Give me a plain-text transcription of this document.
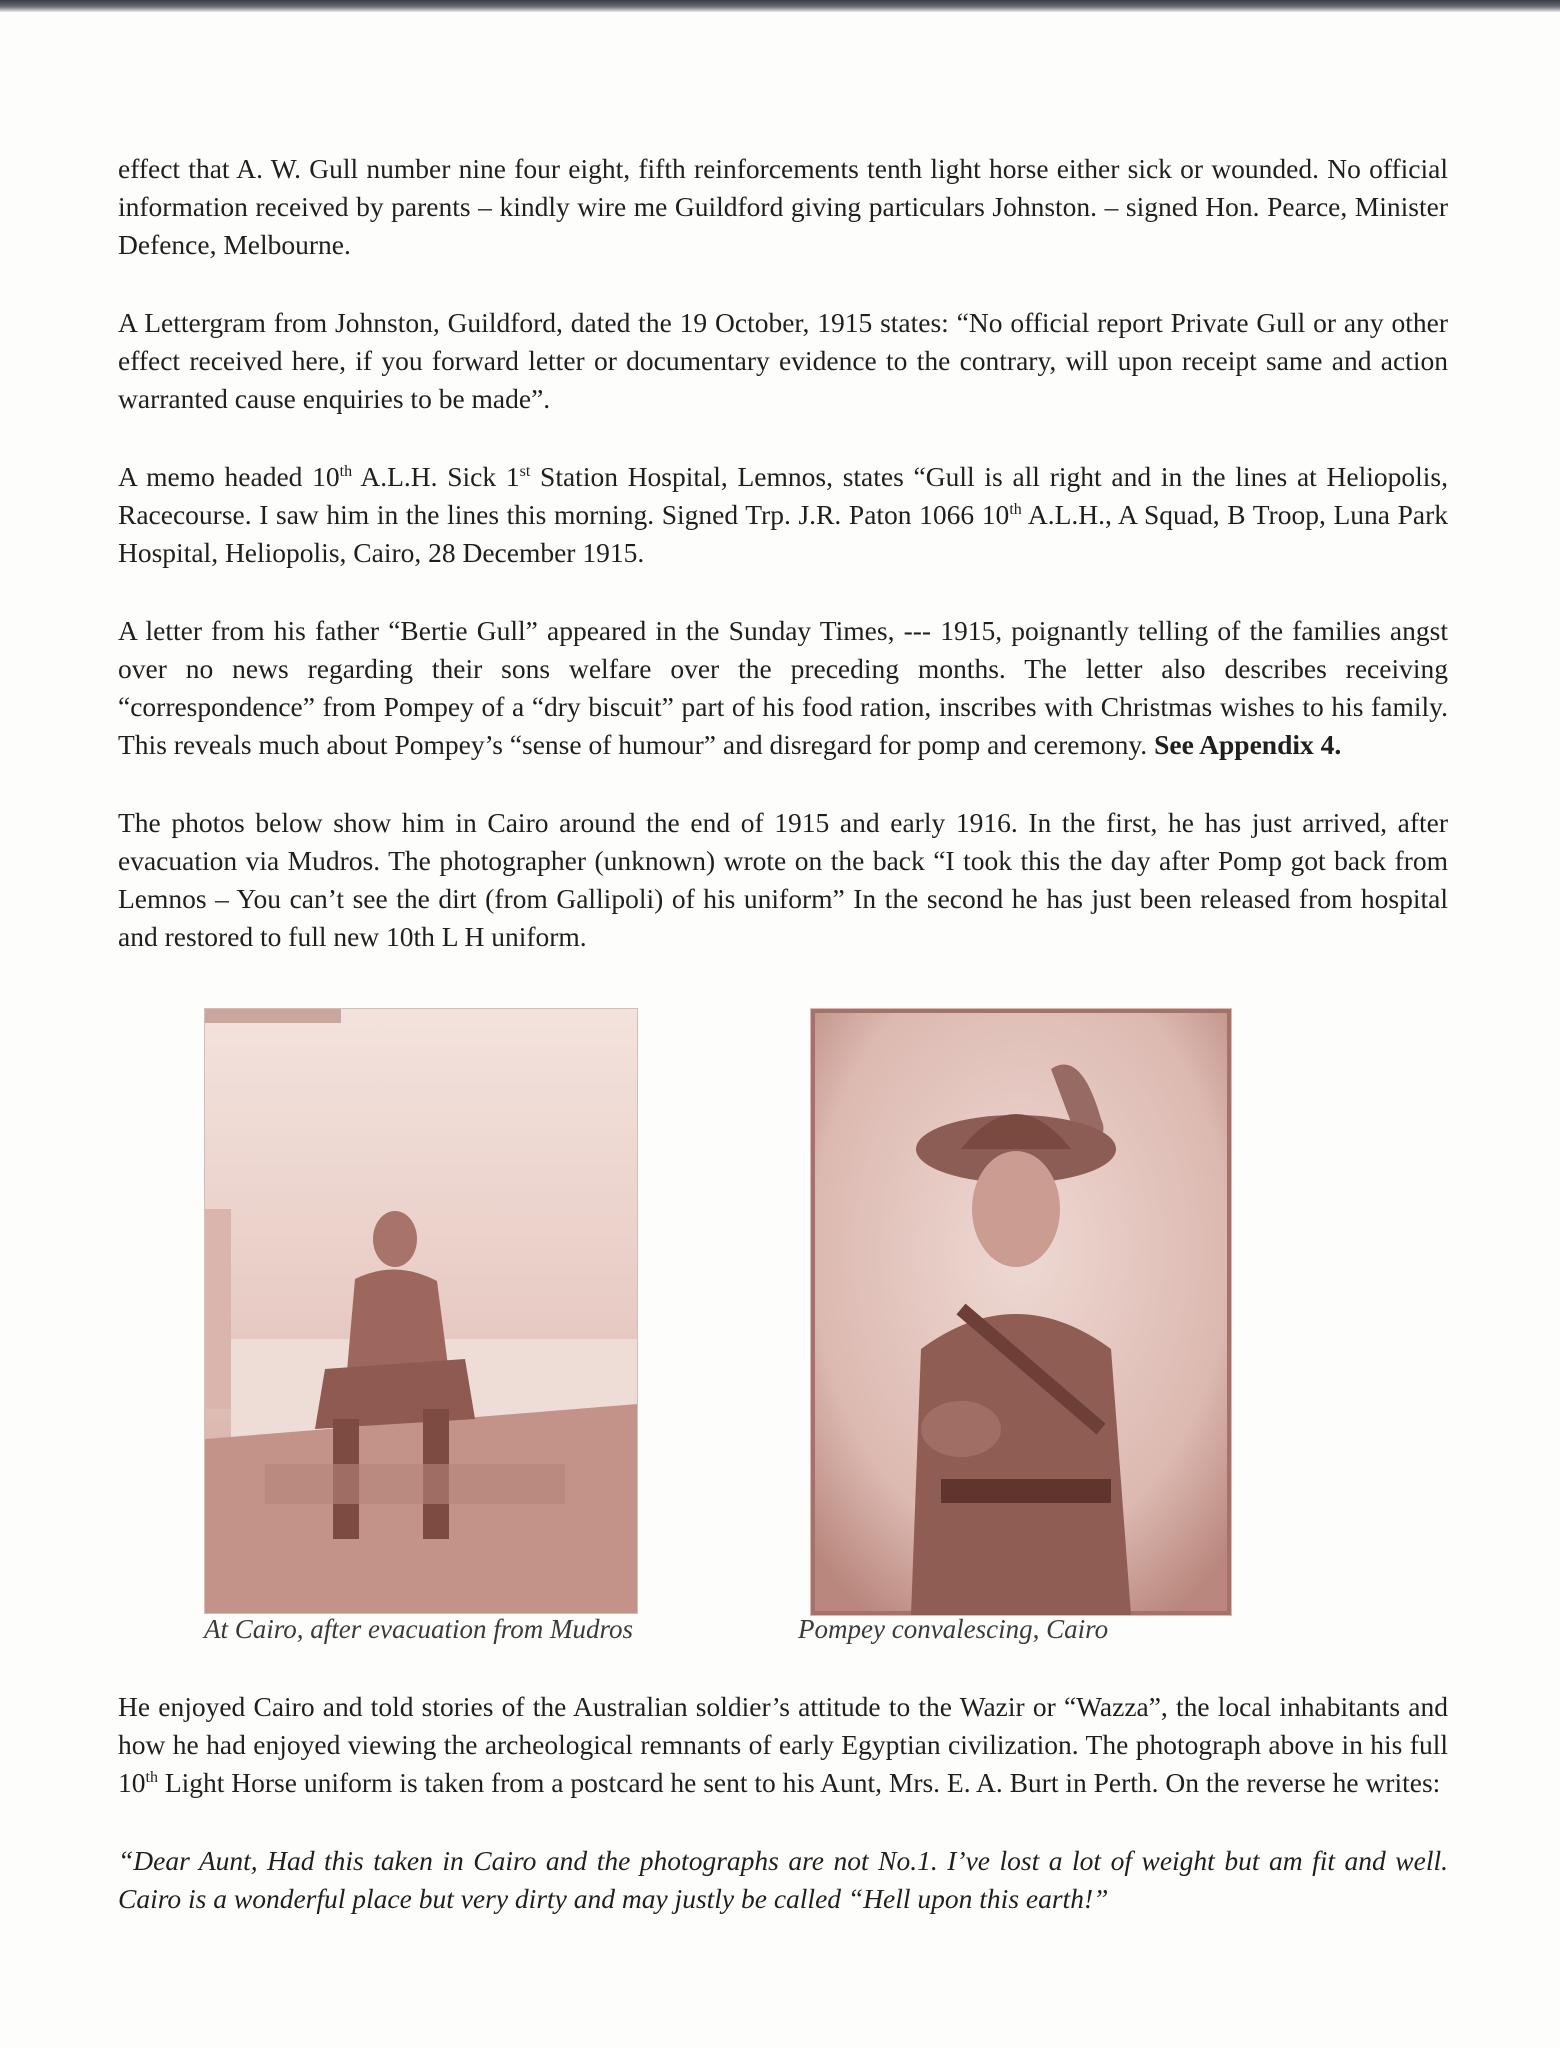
effect that A. W. Gull number nine four eight, fifth reinforcements tenth light horse either sick or wounded. No official information received by parents – kindly wire me Guildford giving particulars Johnston. – signed Hon. Pearce, Minister Defence, Melbourne.

A Lettergram from Johnston, Guildford, dated the 19 October, 1915 states: “No official report Private Gull or any other effect received here, if you forward letter or documentary evidence to the contrary, will upon receipt same and action warranted cause enquiries to be made”.

A memo headed 10th A.L.H. Sick 1st Station Hospital, Lemnos, states “Gull is all right and in the lines at Heliopolis, Racecourse. I saw him in the lines this morning. Signed Trp. J.R. Paton 1066 10th A.L.H., A Squad, B Troop, Luna Park Hospital, Heliopolis, Cairo, 28 December 1915.

A letter from his father “Bertie Gull” appeared in the Sunday Times, --- 1915, poignantly telling of the families angst over no news regarding their sons welfare over the preceding months. The letter also describes receiving “correspondence” from Pompey of a “dry biscuit” part of his food ration, inscribes with Christmas wishes to his family. This reveals much about Pompey’s “sense of humour” and disregard for pomp and ceremony. See Appendix 4.

The photos below show him in Cairo around the end of 1915 and early 1916. In the first, he has just arrived, after evacuation via Mudros. The photographer (unknown) wrote on the back “I took this the day after Pomp got back from Lemnos – You can’t see the dirt (from Gallipoli) of his uniform” In the second he has just been released from hospital and restored to full new 10th L H uniform.

At Cairo, after evacuation from Mudros	Pompey convalescing, Cairo

He enjoyed Cairo and told stories of the Australian soldier’s attitude to the Wazir or “Wazza”, the local inhabitants and how he had enjoyed viewing the archeological remnants of early Egyptian civilization. The photograph above in his full 10th Light Horse uniform is taken from a postcard he sent to his Aunt, Mrs. E. A. Burt in Perth. On the reverse he writes:

“Dear Aunt, Had this taken in Cairo and the photographs are not No.1. I’ve lost a lot of weight but am fit and well. Cairo is a wonderful place but very dirty and may justly be called “Hell upon this earth!”
